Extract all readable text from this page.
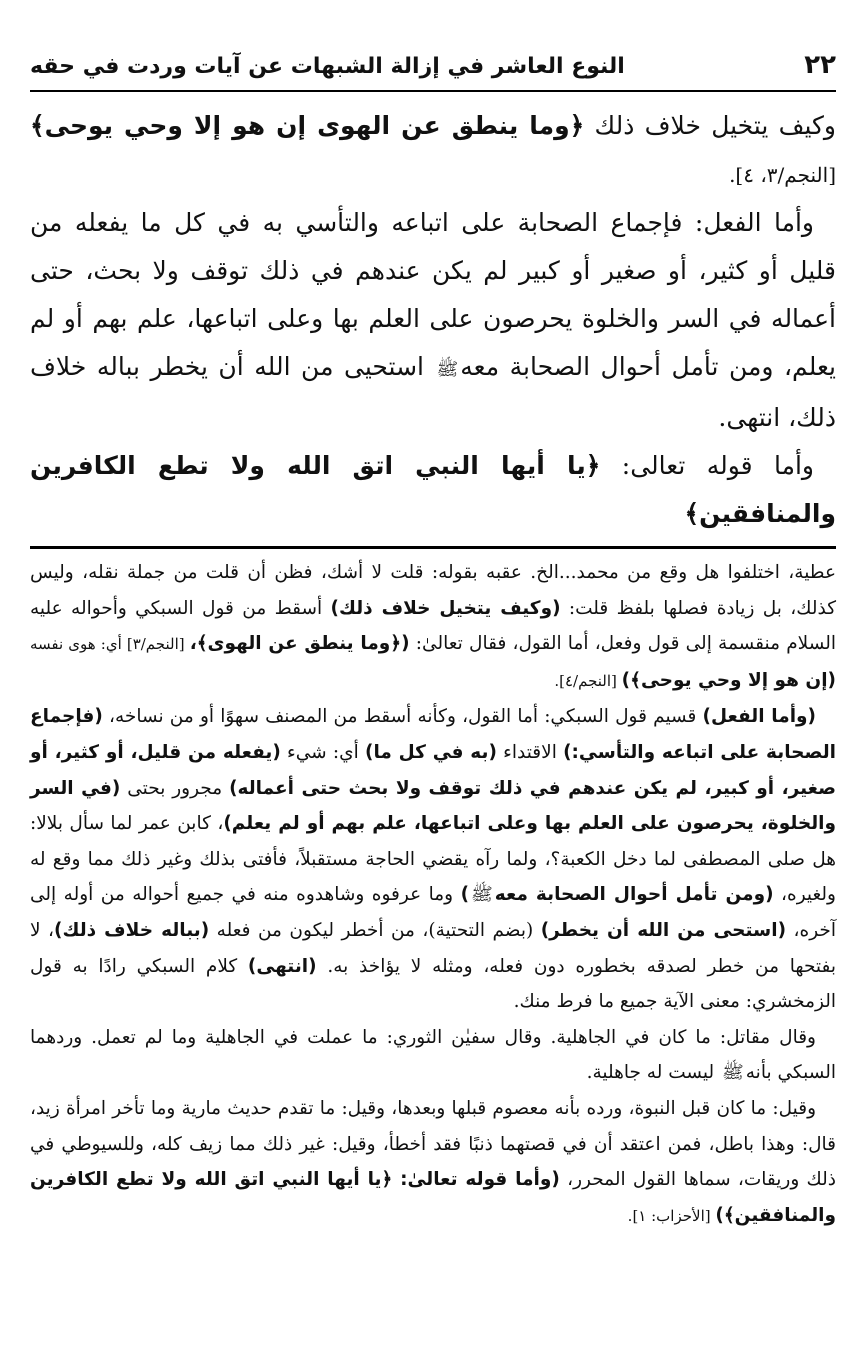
٢٢
النوع العاشر في إزالة الشبهات عن آيات وردت في حقه

وكيف يتخيل خلاف ذلك ﴿وما ينطق عن الهوى إن هو إلا وحي يوحى﴾ [النجم/٣، ٤].

وأما الفعل: فإجماع الصحابة على اتباعه والتأسي به في كل ما يفعله من قليل أو كثير، أو صغير أو كبير لم يكن عندهم في ذلك توقف ولا بحث، حتى أعماله في السر والخلوة يحرصون على العلم بها وعلى اتباعها، علم بهم أو لم يعلم، ومن تأمل أحوال الصحابة معهﷺ استحيى من الله أن يخطر بباله خلاف ذلك، انتهى.

وأما قوله تعالى: ﴿يا أيها النبي اتق الله ولا تطع الكافرين والمنافقين﴾

عطية، اختلفوا هل وقع من محمد...الخ. عقبه بقوله: قلت لا أشك، فظن أن قلت من جملة نقله، وليس كذلك، بل زيادة فصلها بلفظ قلت: (وكيف يتخيل خلاف ذلك) أسقط من قول السبكي وأحواله عليه السلام منقسمة إلى قول وفعل، أما القول، فقال تعالىٰ: (﴿وما ينطق عن الهوى﴾، [النجم/٣] أي: هوى نفسه (إن هو إلا وحي يوحى﴾) [النجم/٤].

(وأما الفعل) قسيم قول السبكي: أما القول، وكأنه أسقط من المصنف سهوًا أو من نساخه، (فإجماع الصحابة على اتباعه والتأسي:) الاقتداء (به في كل ما) أي: شيء (يفعله من قليل، أو كثير، أو صغير، أو كبير، لم يكن عندهم في ذلك توقف ولا بحث حتى أعماله) مجرور بحتى (في السر والخلوة، يحرصون على العلم بها وعلى اتباعها، علم بهم أو لم يعلم)، كابن عمر لما سأل بلالا: هل صلى المصطفى لما دخل الكعبة؟، ولما رآه يقضي الحاجة مستقبلاً، فأفتى بذلك وغير ذلك مما وقع له ولغيره، (ومن تأمل أحوال الصحابة معهﷺ) وما عرفوه وشاهدوه منه في جميع أحواله من أوله إلى آخره، (استحى من الله أن يخطر) (بضم التحتية)، من أخطر ليكون من فعله (بباله خلاف ذلك)، لا بفتحها من خطر لصدقه بخطوره دون فعله، ومثله لا يؤاخذ به. (انتهى) كلام السبكي رادًا به قول الزمخشري: معنى الآية جميع ما فرط منك.

وقال مقاتل: ما كان في الجاهلية. وقال سفيٰن الثوري: ما عملت في الجاهلية وما لم تعمل. وردهما السبكي بأنهﷺ ليست له جاهلية.

وقيل: ما كان قبل النبوة، ورده بأنه معصوم قبلها وبعدها، وقيل: ما تقدم حديث مارية وما تأخر امرأة زيد، قال: وهذا باطل، فمن اعتقد أن في قصتهما ذنبًا فقد أخطأ، وقيل: غير ذلك مما زيف كله، وللسيوطي في ذلك وريقات، سماها القول المحرر، (وأما قوله تعالىٰ: ﴿يا أيها النبي اتق الله ولا تطع الكافرين والمنافقين﴾) [الأحزاب: ١].
